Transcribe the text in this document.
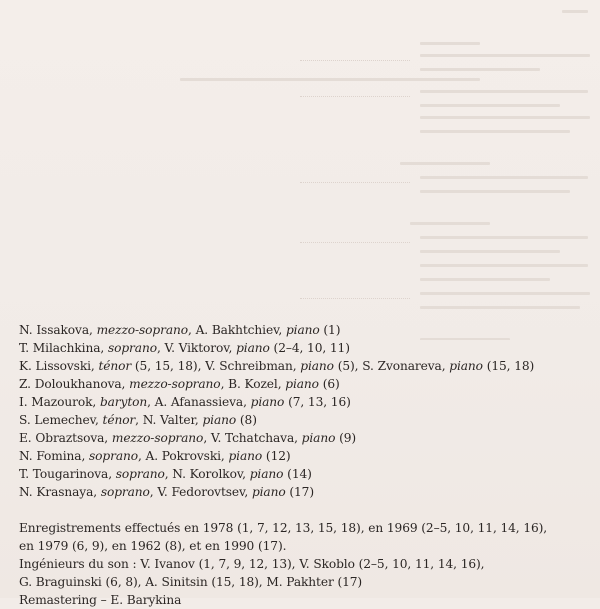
N. Issakova, mezzo-soprano, A. Bakhtchiev, piano (1)
T. Milachkina, soprano, V. Viktorov, piano (2–4, 10, 11)
K. Lissovski, ténor (5, 15, 18), V. Schreibman, piano (5), S. Zvonareva, piano (15, 18)
Z. Doloukhanova, mezzo-soprano, B. Kozel, piano (6)
I. Mazourok, baryton, A. Afanassieva, piano (7, 13, 16)
S. Lemechev, ténor, N. Valter, piano (8)
E. Obraztsova, mezzo-soprano, V. Tchatchava, piano (9)
N. Fomina, soprano, A. Pokrovski, piano (12)
T. Tougarinova, soprano, N. Korolkov, piano (14)
N. Krasnaya, soprano, V. Fedorovtsev, piano (17)
Enregistrements effectués en 1978 (1, 7, 12, 13, 15, 18), en 1969 (2–5, 10, 11, 14, 16),
en 1979 (6, 9), en 1962 (8), et en 1990 (17).
Ingénieurs du son : V. Ivanov (1, 7, 9, 12, 13), V. Skoblo (2–5, 10, 11, 14, 16),
G. Braguinski (6, 8), A. Sinitsin (15, 18), M. Pakhter (17)
Remastering – E. Barykina
